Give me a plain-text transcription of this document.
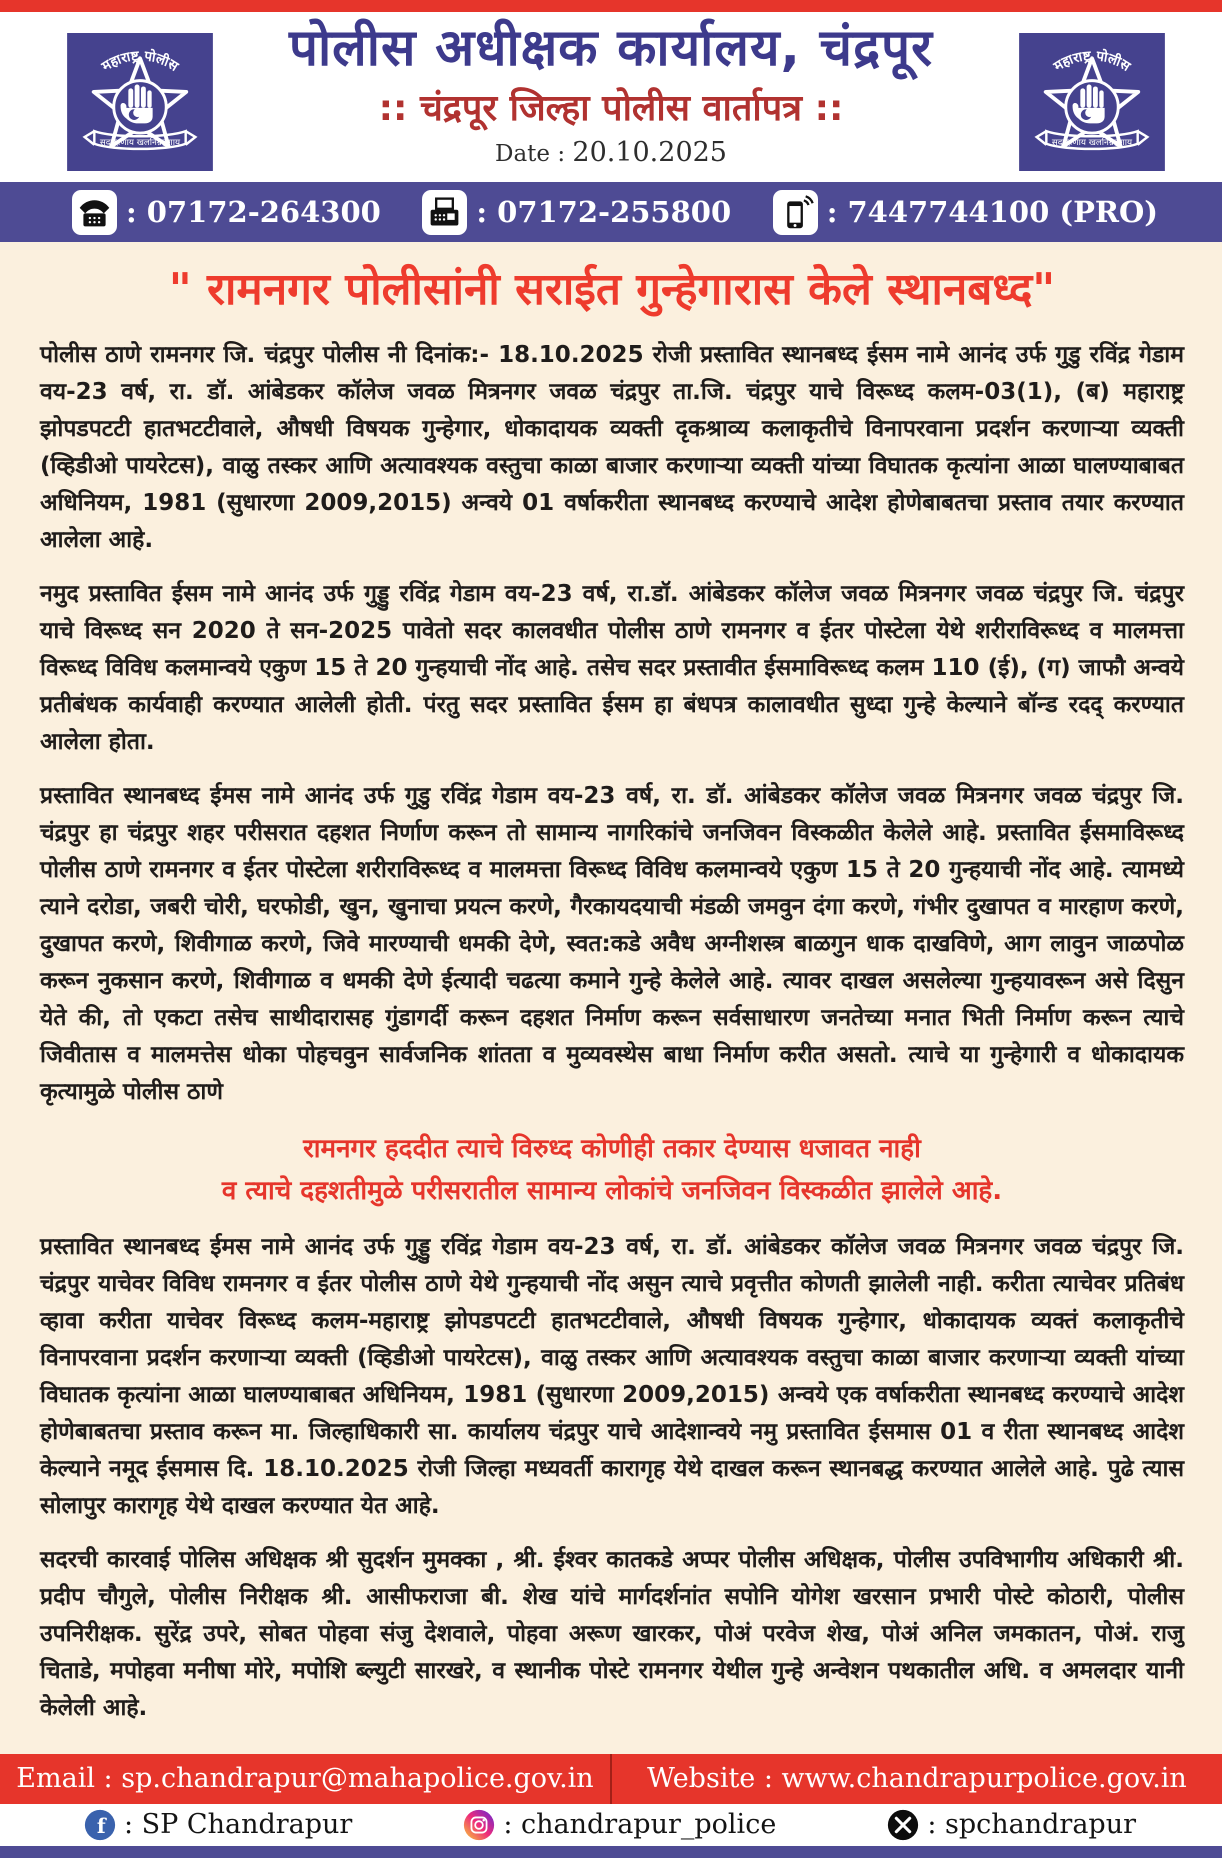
महाराष्ट्र पोलीस
सदरक्षणाय खलनिग्रहणाय
महाराष्ट्र पोलीस
सदरक्षणाय खलनिग्रहणाय
पोलीस अधीक्षक कार्यालय, चंद्रपूर
:: चंद्रपूर जिल्हा पोलीस वार्तापत्र ::
Date : 20.10.2025
: 07172-264300	: 07172-255800	: 7447744100 (PRO)
" रामनगर पोलीसांनी सराईत गुन्हेगारास केले स्थानबध्द"

पोलीस ठाणे रामनगर जि. चंद्रपुर पोलीस नी दिनांक:- 18.10.2025 रोजी प्रस्तावित स्थानबध्द ईसम नामे आनंद उर्फ गुडु रविंद्र गेडाम वय-23 वर्ष, रा. डॉ. आंबेडकर कॉलेज जवळ मित्रनगर जवळ चंद्रपुर ता.जि. चंद्रपुर याचे विरूध्द कलम-03(1), (ब) महाराष्ट्र झोपडपटटी हातभटटीवाले, औषधी विषयक गुन्हेगार, धोकादायक व्यक्ती दृकश्राव्य कलाकृतीचे विनापरवाना प्रदर्शन करणाऱ्या व्यक्ती (व्हिडीओ पायरेटस), वाळु तस्कर आणि अत्यावश्यक वस्तुचा काळा बाजार करणाऱ्या व्यक्ती यांच्या विघातक कृत्यांना आळा घालण्याबाबत अधिनियम, 1981 (सुधारणा 2009,2015) अन्वये 01 वर्षाकरीता स्थानबध्द करण्याचे आदेश होणेबाबतचा प्रस्ताव तयार करण्यात आलेला आहे.

नमुद प्रस्तावित ईसम नामे आनंद उर्फ गुड्डु रविंद्र गेडाम वय-23 वर्ष, रा.डॉ. आंबेडकर कॉलेज जवळ मित्रनगर जवळ चंद्रपुर जि. चंद्रपुर याचे विरूध्द सन 2020 ते सन-2025 पावेतो सदर कालवधीत पोलीस ठाणे रामनगर व ईतर पोस्टेला येथे शरीराविरूध्द व मालमत्ता विरूध्द विविध कलमान्वये एकुण 15 ते 20 गुन्हयाची नोंद आहे. तसेच सदर प्रस्तावीत ईसमाविरूध्द कलम 110 (ई), (ग) जाफौ अन्वये प्रतीबंधक कार्यवाही करण्यात आलेली होती. पंरतु सदर प्रस्तावित ईसम हा बंधपत्र कालावधीत सुध्दा गुन्हे केल्याने बॉन्ड रदद् करण्यात आलेला होता.

प्रस्तावित स्थानबध्द ईमस नामे आनंद उर्फ गुडु रविंद्र गेडाम वय-23 वर्ष, रा. डॉ. आंबेडकर कॉलेज जवळ मित्रनगर जवळ चंद्रपुर जि. चंद्रपुर हा चंद्रपुर शहर परीसरात दहशत निर्णाण करून तो सामान्य नागरिकांचे जनजिवन विस्कळीत केलेले आहे. प्रस्तावित ईसमाविरूध्द पोलीस ठाणे रामनगर व ईतर पोस्टेला शरीराविरूध्द व मालमत्ता विरूध्द विविध कलमान्वये एकुण 15 ते 20 गुन्हयाची नोंद आहे. त्यामध्ये त्याने दरोडा, जबरी चोरी, घरफोडी, खुन, खुनाचा प्रयत्न करणे, गैरकायदयाची मंडळी जमवुन दंगा करणे, गंभीर दुखापत व मारहाण करणे, दुखापत करणे, शिवीगाळ करणे, जिवे मारण्याची धमकी देणे, स्वत:कडे अवैध अग्नीशस्त्र बाळगुन धाक दाखविणे, आग लावुन जाळपोळ करून नुकसान करणे, शिवीगाळ व धमकी देणे ईत्यादी चढत्या कमाने गुन्हे केलेले आहे. त्यावर दाखल असलेल्या गुन्हयावरून असे दिसुन येते की, तो एकटा तसेच साथीदारासह गुंडागर्दी करून दहशत निर्माण करून सर्वसाधारण जनतेच्या मनात भिती निर्माण करून त्याचे जिवीतास व मालमत्तेस धोका पोहचवुन सार्वजनिक शांतता व मुव्यवस्थेस बाधा निर्माण करीत असतो. त्याचे या गुन्हेगारी व धोकादायक कृत्यामुळे पोलीस ठाणे

रामनगर हददीत त्याचे विरुध्द कोणीही तकार देण्यास धजावत नाही
व त्याचे दहशतीमुळे परीसरातील सामान्य लोकांचे जनजिवन विस्कळीत झालेले आहे.

प्रस्तावित स्थानबध्द ईमस नामे आनंद उर्फ गुड्डु रविंद्र गेडाम वय-23 वर्ष, रा. डॉ. आंबेडकर कॉलेज जवळ मित्रनगर जवळ चंद्रपुर जि. चंद्रपुर याचेवर विविध रामनगर व ईतर पोलीस ठाणे येथे गुन्हयाची नोंद असुन त्याचे प्रवृत्तीत कोणती झालेली नाही. करीता त्याचेवर प्रतिबंध व्हावा करीता याचेवर विरूध्द कलम-महाराष्ट्र झोपडपटटी हातभटटीवाले, औषधी विषयक गुन्हेगार, धोकादायक व्यक्तं कलाकृतीचे विनापरवाना प्रदर्शन करणाऱ्या व्यक्ती (व्हिडीओ पायरेटस), वाळु तस्कर आणि अत्यावश्यक वस्तुचा काळा बाजार करणाऱ्या व्यक्ती यांच्या विघातक कृत्यांना आळा घालण्याबाबत अधिनियम, 1981 (सुधारणा 2009,2015) अन्वये एक वर्षाकरीता स्थानबध्द करण्याचे आदेश होणेबाबतचा प्रस्ताव करून मा. जिल्हाधिकारी सा. कार्यालय चंद्रपुर याचे आदेशान्वये नमु प्रस्तावित ईसमास 01 व रीता स्थानबध्द आदेश केल्याने नमूद ईसमास दि. 18.10.2025 रोजी जिल्हा मध्यवर्ती कारागृह येथे दाखल करून स्थानबद्ध करण्यात आलेले आहे. पुढे त्यास सोलापुर कारागृह येथे दाखल करण्यात येत आहे.

सदरची कारवाई पोलिस अधिक्षक श्री सुदर्शन मुमक्का , श्री. ईश्वर कातकडे अप्पर पोलीस अधिक्षक, पोलीस उपविभागीय अधिकारी श्री. प्रदीप चौगुले, पोलीस निरीक्षक श्री. आसीफराजा बी. शेख यांचे मार्गदर्शनांत सपोनि योगेश खरसान प्रभारी पोस्टे कोठारी, पोलीस उपनिरीक्षक. सुरेंद्र उपरे, सोबत पोहवा संजु देशवाले, पोहवा अरूण खारकर, पोअं परवेज शेख, पोअं अनिल जमकातन, पोअं. राजु चिताडे, मपोहवा मनीषा मोरे, मपोशि ब्ल्युटी सारखरे, व स्थानीक पोस्टे रामनगर येथील गुन्हे अन्वेशन पथकातील अधि. व अमलदार यानी केलेली आहे.

Email : sp.chandrapur@mahapolice.gov.in	Website : www.chandrapurpolice.gov.in
f : SP Chandrapur	: chandrapur_police	: spchandrapur
